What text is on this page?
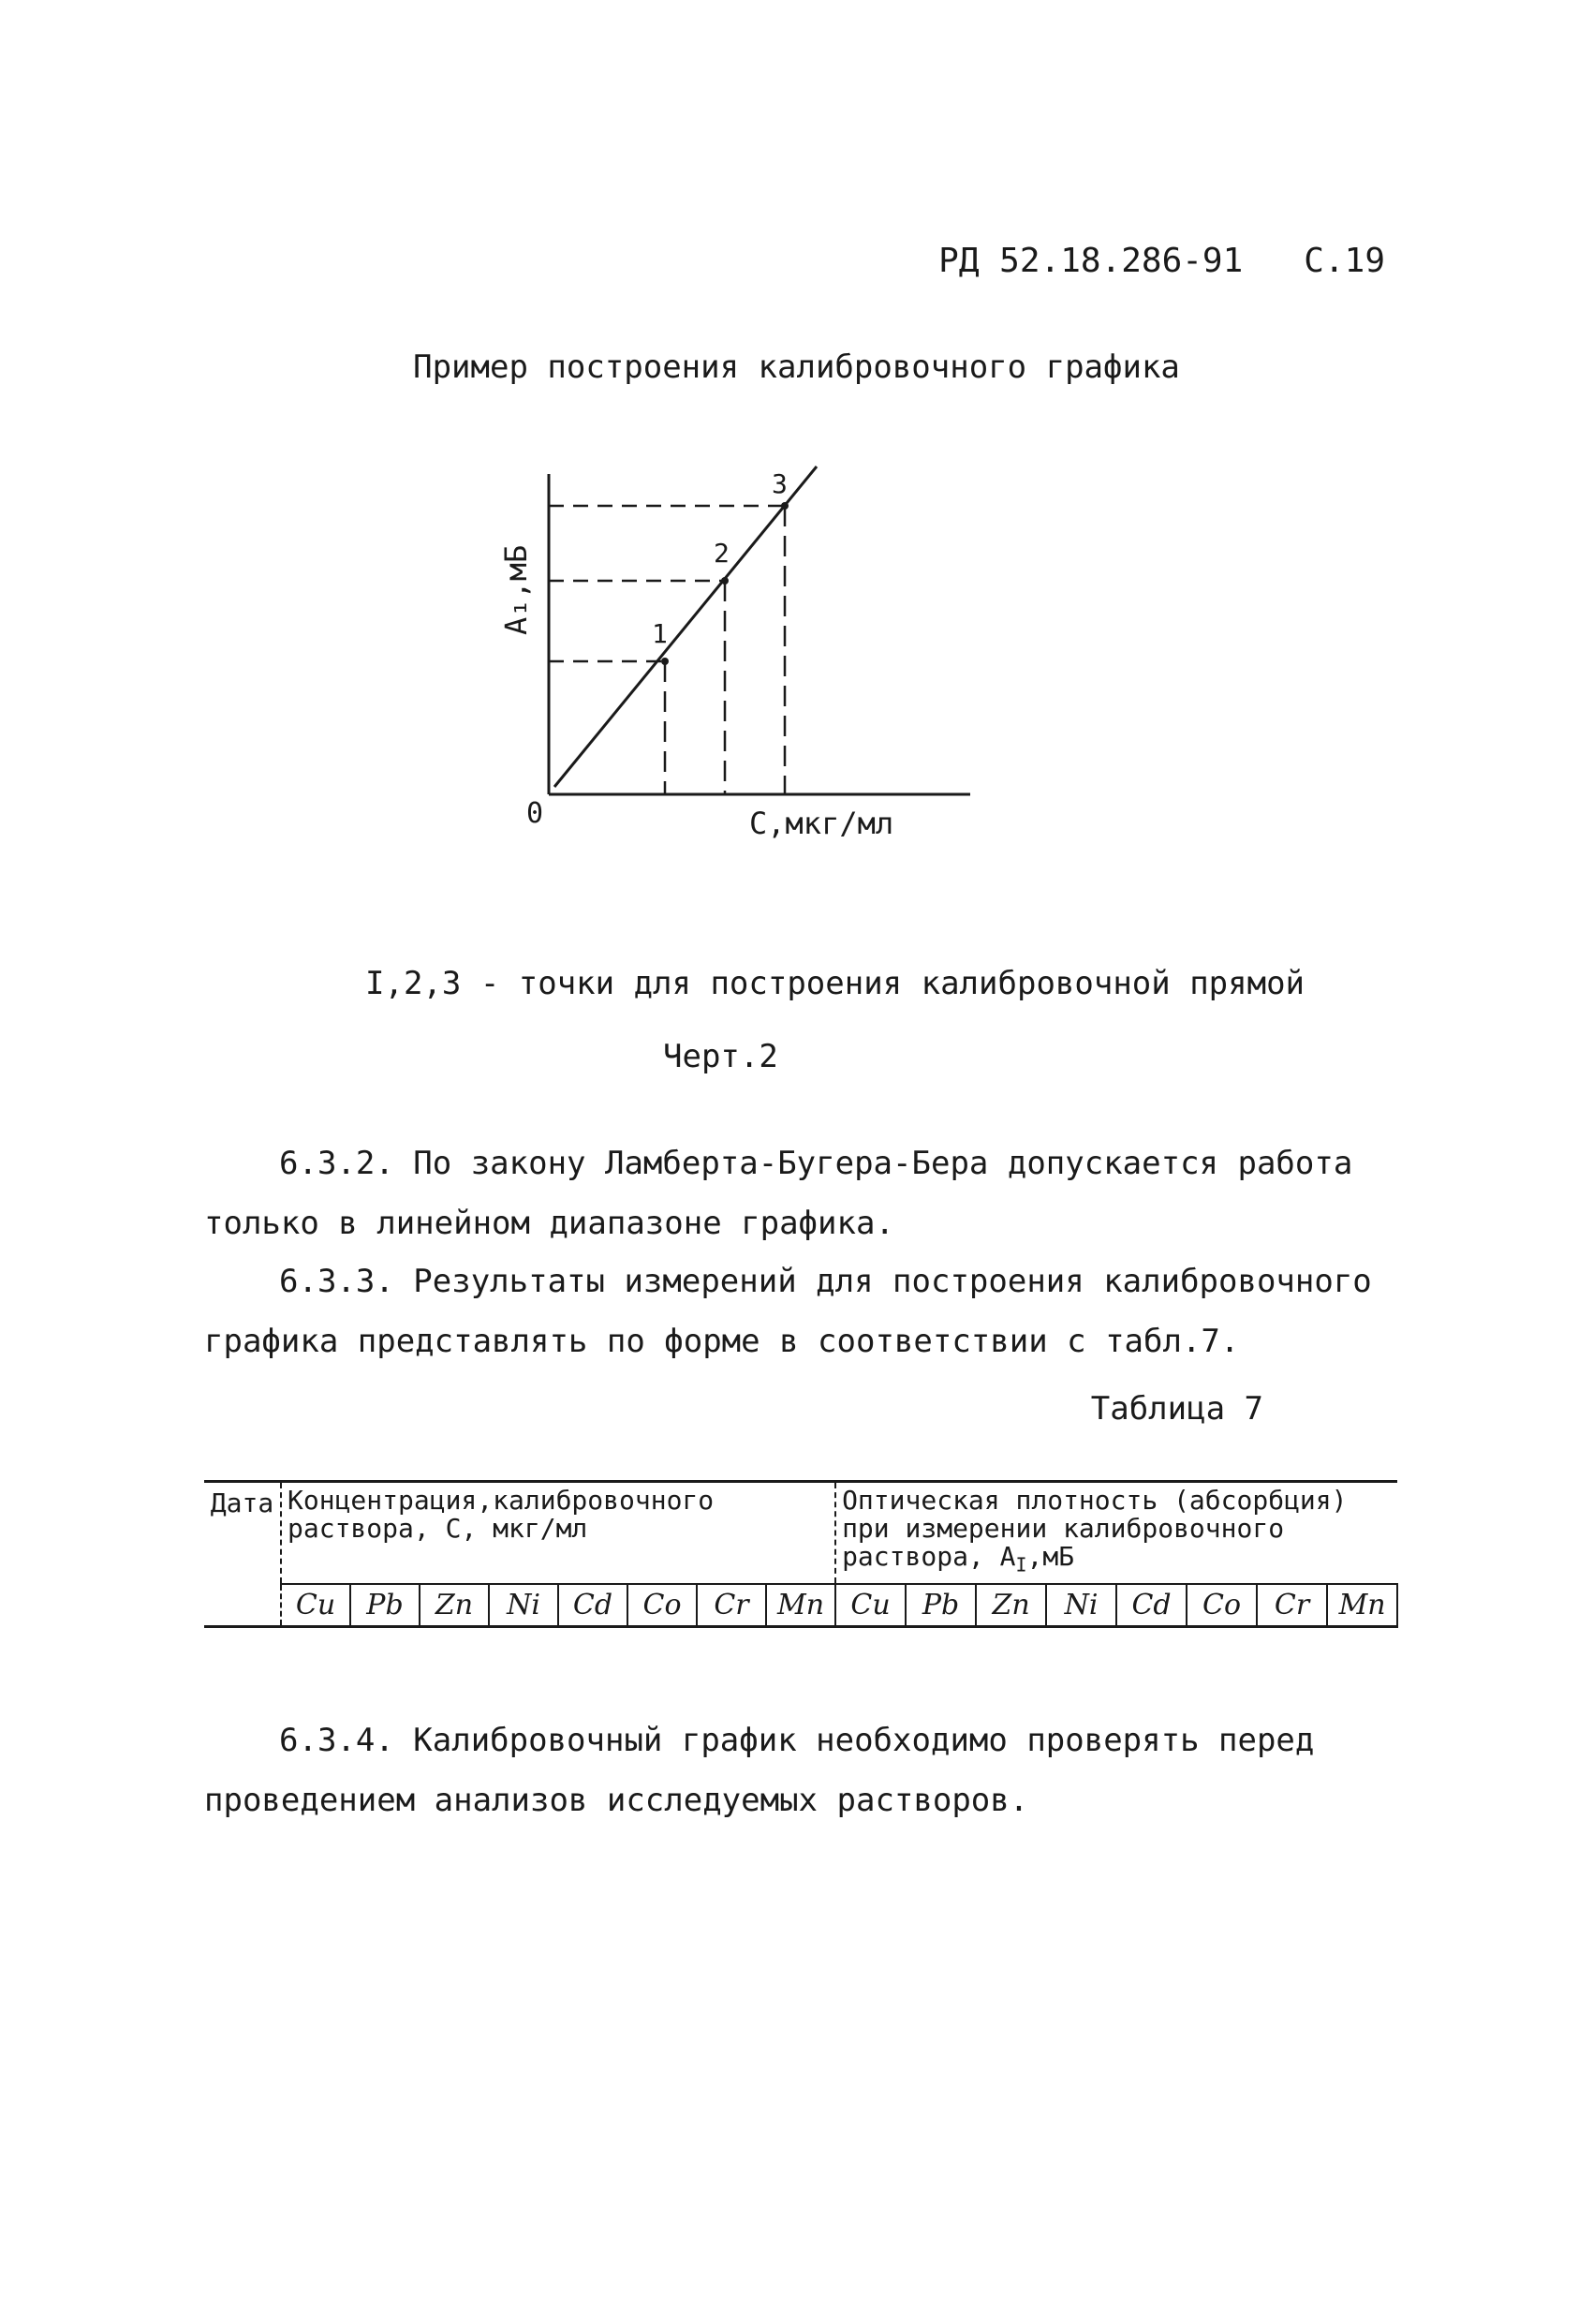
РД 52.18.286-91 С.19
Пример построения калибровочного графика
1
2
3
0	С,мкг/мл
A₁,мБ
I,2,3 - точки для построения калибровочной прямой
Черт.2
6.3.2. По закону Ламберта-Бугера-Бера допускается работа только в линейном диапазоне графика.
6.3.3. Результаты измерений для построения калибровочного графика представлять по форме в соответствии с табл.7.
Таблица 7
Дата	Концентрация,калибровочного раствора, С, мкг/мл								Оптическая плотность (абсорбция) при измерении калибровочного раствора, $А_I,мБ$							
	Cu	Pb	Zn	Ni	Cd	Co	Cr	Mn	Cu	Pb	Zn	Ni	Cd	Co	Cr	Mn
6.3.4. Калибровочный график необходимо проверять перед проведением анализов исследуемых растворов.
